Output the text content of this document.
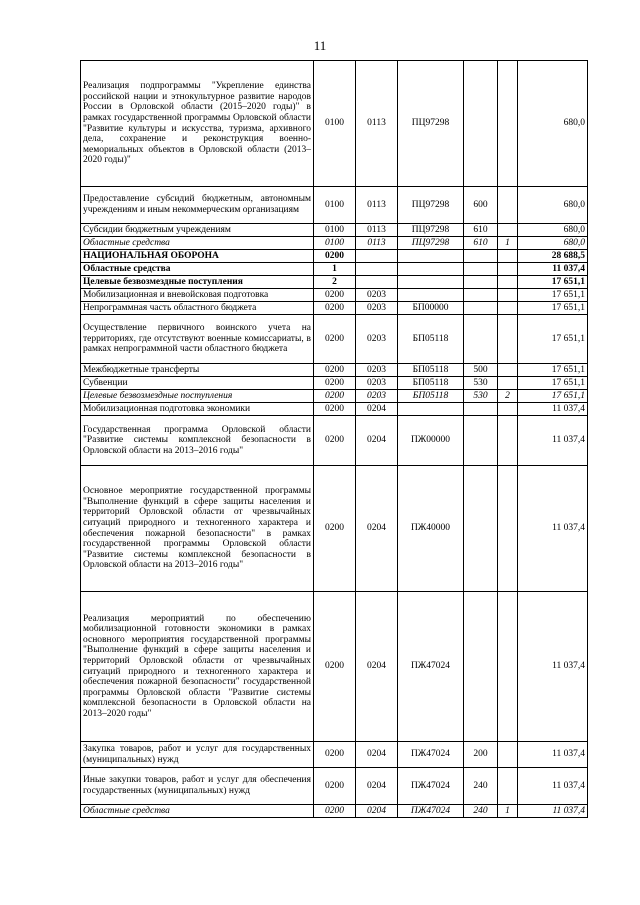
11
Реализация подпрограммы "Укрепление единства российской нации и этнокультурное развитие народов России в Орловской области (2015–2020 годы)" в рамках государственной программы Орловской области "Развитие культуры и искусства, туризма, архивного дела, сохранение и реконструкция военно-мемориальных объектов в Орловской области (2013–2020 годы)"	0100	0113	ПЦ97298			680,0
Предоставление субсидий бюджетным, автономным учреждениям и иным некоммерческим организациям	0100	0113	ПЦ97298	600		680,0
Субсидии бюджетным учреждениям	0100	0113	ПЦ97298	610		680,0
Областные средства	0100	0113	ПЦ97298	610	1	680,0
НАЦИОНАЛЬНАЯ ОБОРОНА	0200					28 688,5
Областные средства	1					11 037,4
Целевые безвозмездные поступления	2					17 651,1
Мобилизационная и вневойсковая подготовка	0200	0203				17 651,1
Непрограммная часть областного бюджета	0200	0203	БП00000			17 651,1
Осуществление первичного воинского учета на территориях, где отсутствуют военные комиссариаты, в рамках непрограммной части областного бюджета	0200	0203	БП05118			17 651,1
Межбюджетные трансферты	0200	0203	БП05118	500		17 651,1
Субвенции	0200	0203	БП05118	530		17 651,1
Целевые безвозмездные поступления	0200	0203	БП05118	530	2	17 651,1
Мобилизационная подготовка экономики	0200	0204				11 037,4
Государственная программа Орловской области "Развитие системы комплексной безопасности в Орловской области на 2013–2016 годы"	0200	0204	ПЖ00000			11 037,4
Основное мероприятие государственной программы "Выполнение функций в сфере защиты населения и территорий Орловской области от чрезвычайных ситуаций природного и техногенного характера и обеспечения пожарной безопасности" в рамках государственной программы Орловской области "Развитие системы комплексной безопасности в Орловской области на 2013–2016 годы"	0200	0204	ПЖ40000			11 037,4
Реализация мероприятий по обеспечению мобилизационной готовности экономики в рамках основного мероприятия государственной программы "Выполнение функций в сфере защиты населения и территорий Орловской области от чрезвычайных ситуаций природного и техногенного характера и обеспечения пожарной безопасности" государственной программы Орловской области "Развитие системы комплексной безопасности в Орловской области на 2013–2020 годы"	0200	0204	ПЖ47024			11 037,4
Закупка товаров, работ и услуг для государственных (муниципальных) нужд	0200	0204	ПЖ47024	200		11 037,4
Иные закупки товаров, работ и услуг для обеспечения государственных (муниципальных) нужд	0200	0204	ПЖ47024	240		11 037,4
Областные средства	0200	0204	ПЖ47024	240	1	11 037,4
